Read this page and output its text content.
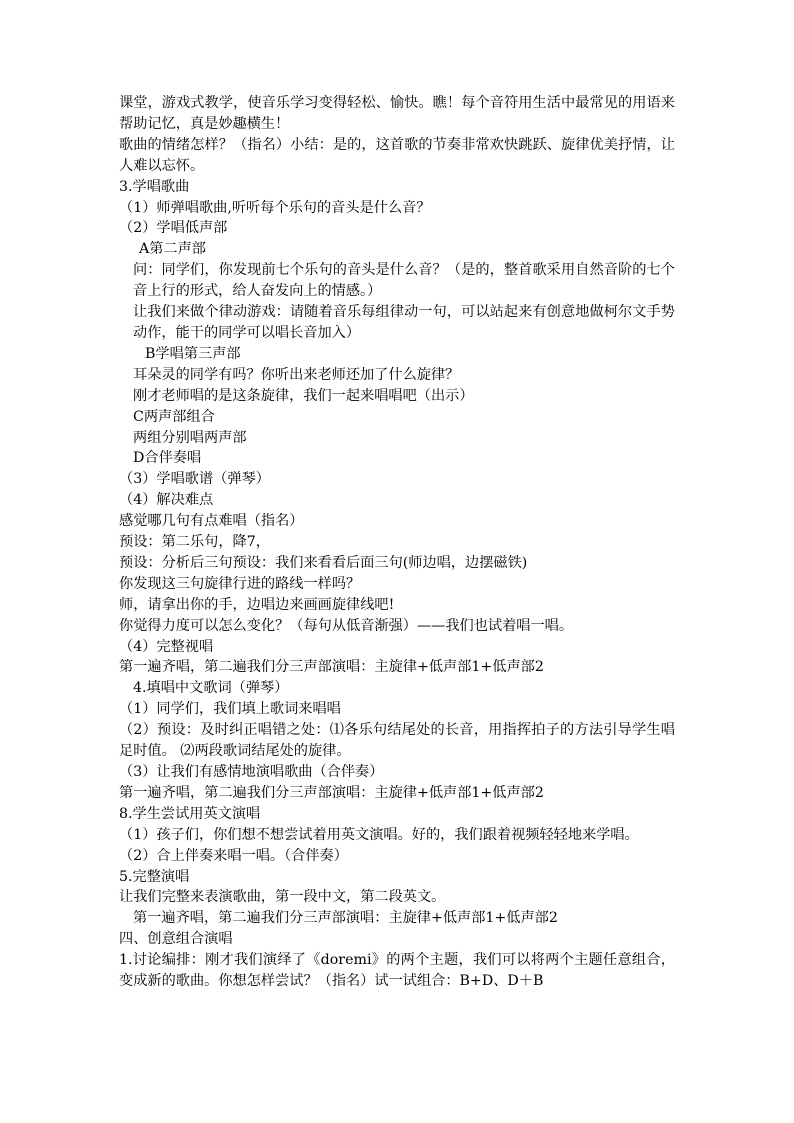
课堂，游戏式教学，使音乐学习变得轻松、愉快。瞧！每个音符用生活中最常见的用语来帮助记忆，真是妙趣横生！

歌曲的情绪怎样？（指名）小结：是的，这首歌的节奏非常欢快跳跃、旋律优美抒情，让人难以忘怀。

3.学唱歌曲

（1）师弹唱歌曲,听听每个乐句的音头是什么音？

（2）学唱低声部

A第二声部

问：同学们，你发现前七个乐句的音头是什么音？（是的，整首歌采用自然音阶的七个音上行的形式，给人奋发向上的情感。）

让我们来做个律动游戏：请随着音乐每组律动一句，可以站起来有创意地做柯尔文手势动作，能干的同学可以唱长音加入）

B学唱第三声部

耳朵灵的同学有吗？你听出来老师还加了什么旋律？

刚才老师唱的是这条旋律，我们一起来唱唱吧（出示）

C两声部组合

两组分别唱两声部

D合伴奏唱

（3）学唱歌谱（弹琴）

（4）解决难点

感觉哪几句有点难唱（指名）

预设：第二乐句，降7，

预设：分析后三句预设：我们来看看后面三句(师边唱，边摆磁铁)

你发现这三句旋律行进的路线一样吗？

师，请拿出你的手，边唱边来画画旋律线吧!

你觉得力度可以怎么变化？（每句从低音渐强）——我们也试着唱一唱。

（4）完整视唱

第一遍齐唱，第二遍我们分三声部演唱：主旋律+低声部1+低声部2

4.填唱中文歌词（弹琴）

（1）同学们，我们填上歌词来唱唱

（2）预设：及时纠正唱错之处：⑴各乐句结尾处的长音，用指挥拍子的方法引导学生唱足时值。 ⑵两段歌词结尾处的旋律。

（3）让我们有感情地演唱歌曲（合伴奏）

第一遍齐唱，第二遍我们分三声部演唱：主旋律+低声部1+低声部2

8.学生尝试用英文演唱

（1）孩子们，你们想不想尝试着用英文演唱。好的，我们跟着视频轻轻地来学唱。

（2）合上伴奏来唱一唱。（合伴奏）

5.完整演唱

让我们完整来表演歌曲，第一段中文，第二段英文。

第一遍齐唱，第二遍我们分三声部演唱：主旋律+低声部1+低声部2

四、创意组合演唱

1.讨论编排：刚才我们演绎了《doremi》的两个主题，我们可以将两个主题任意组合，变成新的歌曲。你想怎样尝试？（指名）试一试组合：B+D、D＋B
